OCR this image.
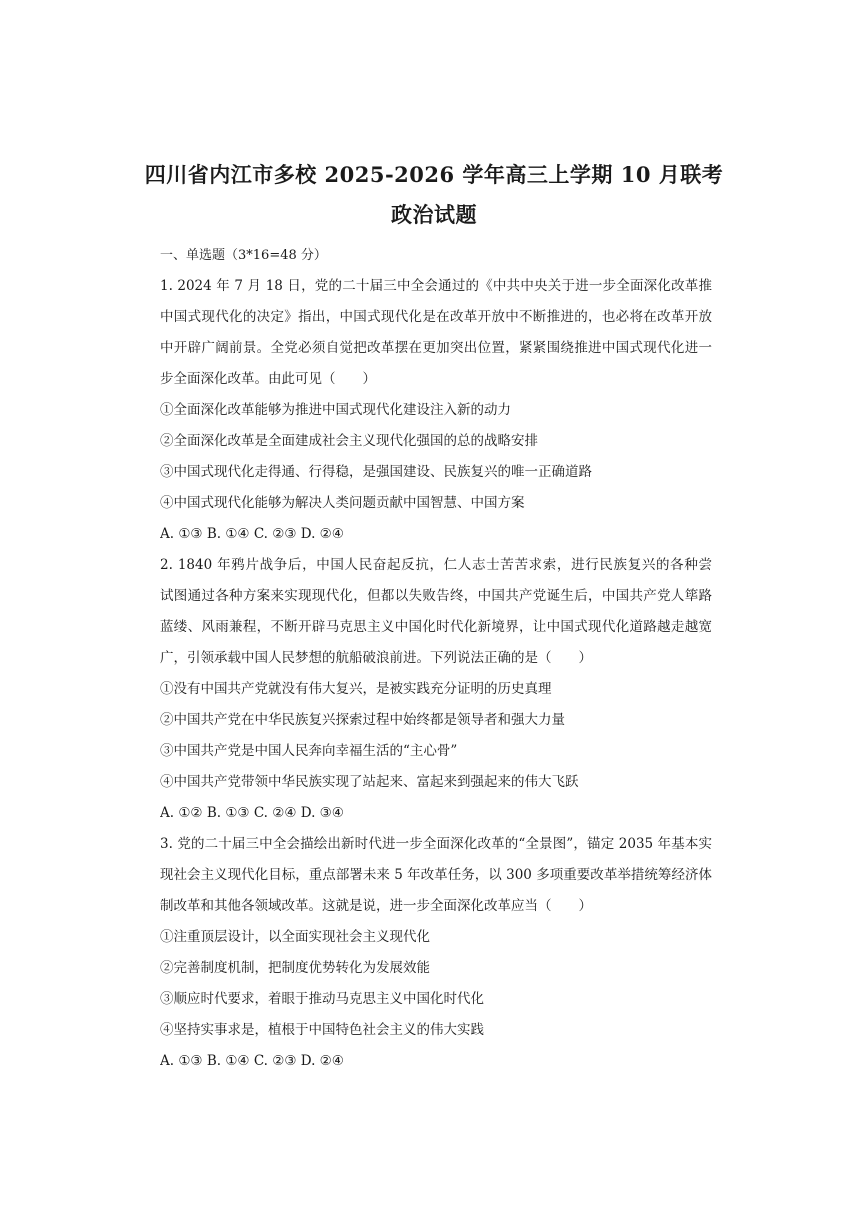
四川省内江市多校 2025-2026 学年高三上学期 10 月联考
政治试题
一、单选题（3*16=48 分）
1. 2024 年 7 月 18 日，党的二十届三中全会通过的《中共中央关于进一步全面深化改革推
中国式现代化的决定》指出，中国式现代化是在改革开放中不断推进的，也必将在改革开放
中开辟广阔前景。全党必须自觉把改革摆在更加突出位置，紧紧围绕推进中国式现代化进一
步全面深化改革。由此可见（　　）
①全面深化改革能够为推进中国式现代化建设注入新的动力
②全面深化改革是全面建成社会主义现代化强国的总的战略安排
③中国式现代化走得通、行得稳，是强国建设、民族复兴的唯一正确道路
④中国式现代化能够为解决人类问题贡献中国智慧、中国方案
A. ①③ B. ①④ C. ②③ D. ②④
2. 1840 年鸦片战争后，中国人民奋起反抗，仁人志士苦苦求索，进行民族复兴的各种尝
试图通过各种方案来实现现代化，但都以失败告终，中国共产党诞生后，中国共产党人筚路
蓝缕、风雨兼程，不断开辟马克思主义中国化时代化新境界，让中国式现代化道路越走越宽
广，引领承载中国人民梦想的航船破浪前进。下列说法正确的是（　　）
①没有中国共产党就没有伟大复兴，是被实践充分证明的历史真理
②中国共产党在中华民族复兴探索过程中始终都是领导者和强大力量
③中国共产党是中国人民奔向幸福生活的“主心骨”
④中国共产党带领中华民族实现了站起来、富起来到强起来的伟大飞跃
A. ①② B. ①③ C. ②④ D. ③④
3. 党的二十届三中全会描绘出新时代进一步全面深化改革的“全景图”，锚定 2035 年基本实
现社会主义现代化目标，重点部署未来 5 年改革任务，以 300 多项重要改革举措统筹经济体
制改革和其他各领域改革。这就是说，进一步全面深化改革应当（　　）
①注重顶层设计，以全面实现社会主义现代化
②完善制度机制，把制度优势转化为发展效能
③顺应时代要求，着眼于推动马克思主义中国化时代化
④坚持实事求是，植根于中国特色社会主义的伟大实践
A. ①③ B. ①④ C. ②③ D. ②④
